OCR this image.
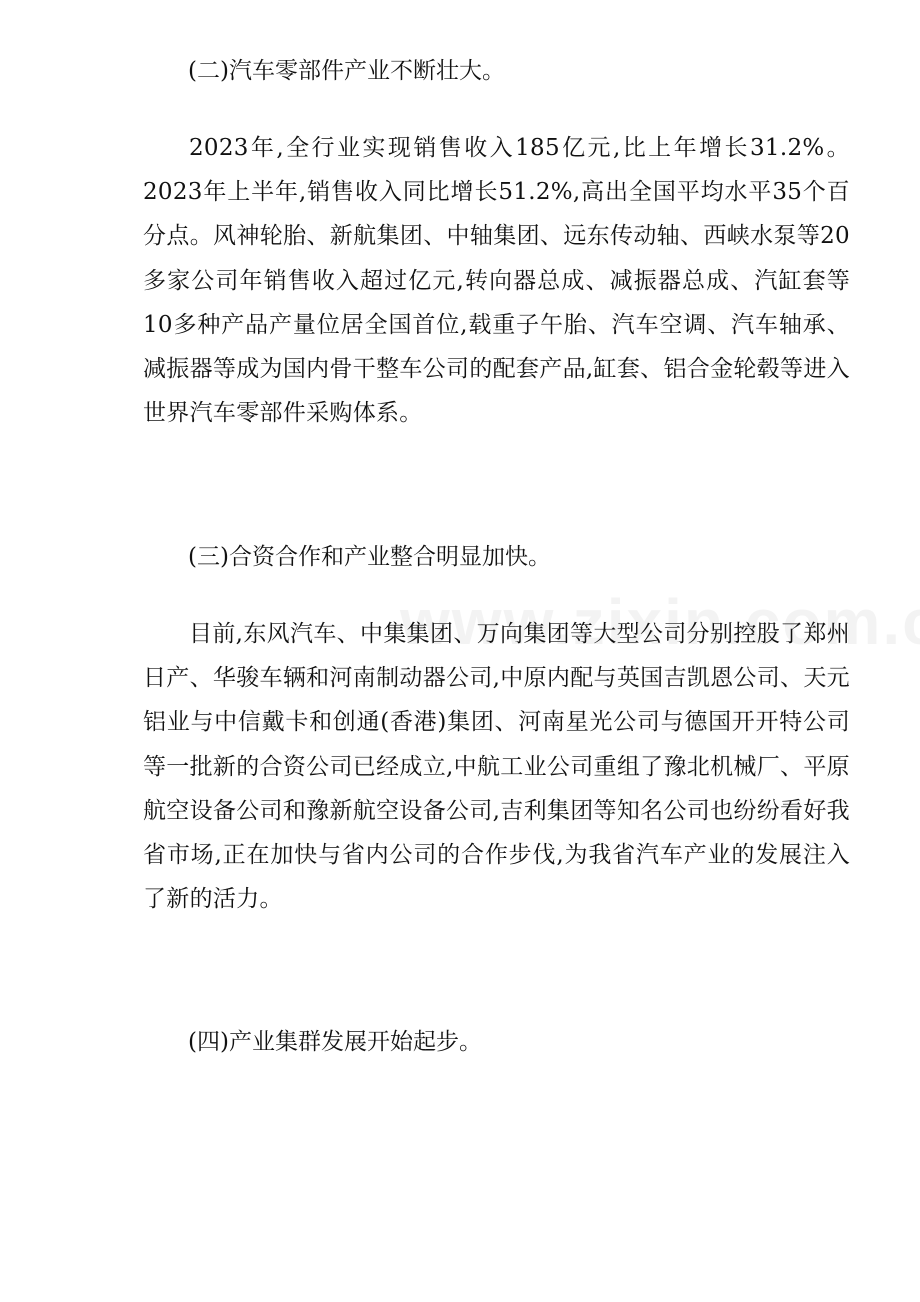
(二)汽车零部件产业不断壮大。
2023年,全行业实现销售收入185亿元,比上年增长31.2%。2023年上半年,销售收入同比增长51.2%,高出全国平均水平35个百分点。风神轮胎、新航集团、中轴集团、远东传动轴、西峡水泵等20多家公司年销售收入超过亿元,转向器总成、减振器总成、汽缸套等10多种产品产量位居全国首位,载重子午胎、汽车空调、汽车轴承、减振器等成为国内骨干整车公司的配套产品,缸套、铝合金轮毂等进入世界汽车零部件采购体系。
(三)合资合作和产业整合明显加快。
目前,东风汽车、中集集团、万向集团等大型公司分别控股了郑州日产、华骏车辆和河南制动器公司,中原内配与英国吉凯恩公司、天元铝业与中信戴卡和创通(香港)集团、河南星光公司与德国开开特公司等一批新的合资公司已经成立,中航工业公司重组了豫北机械厂、平原航空设备公司和豫新航空设备公司,吉利集团等知名公司也纷纷看好我省市场,正在加快与省内公司的合作步伐,为我省汽车产业的发展注入了新的活力。
(四)产业集群发展开始起步。
